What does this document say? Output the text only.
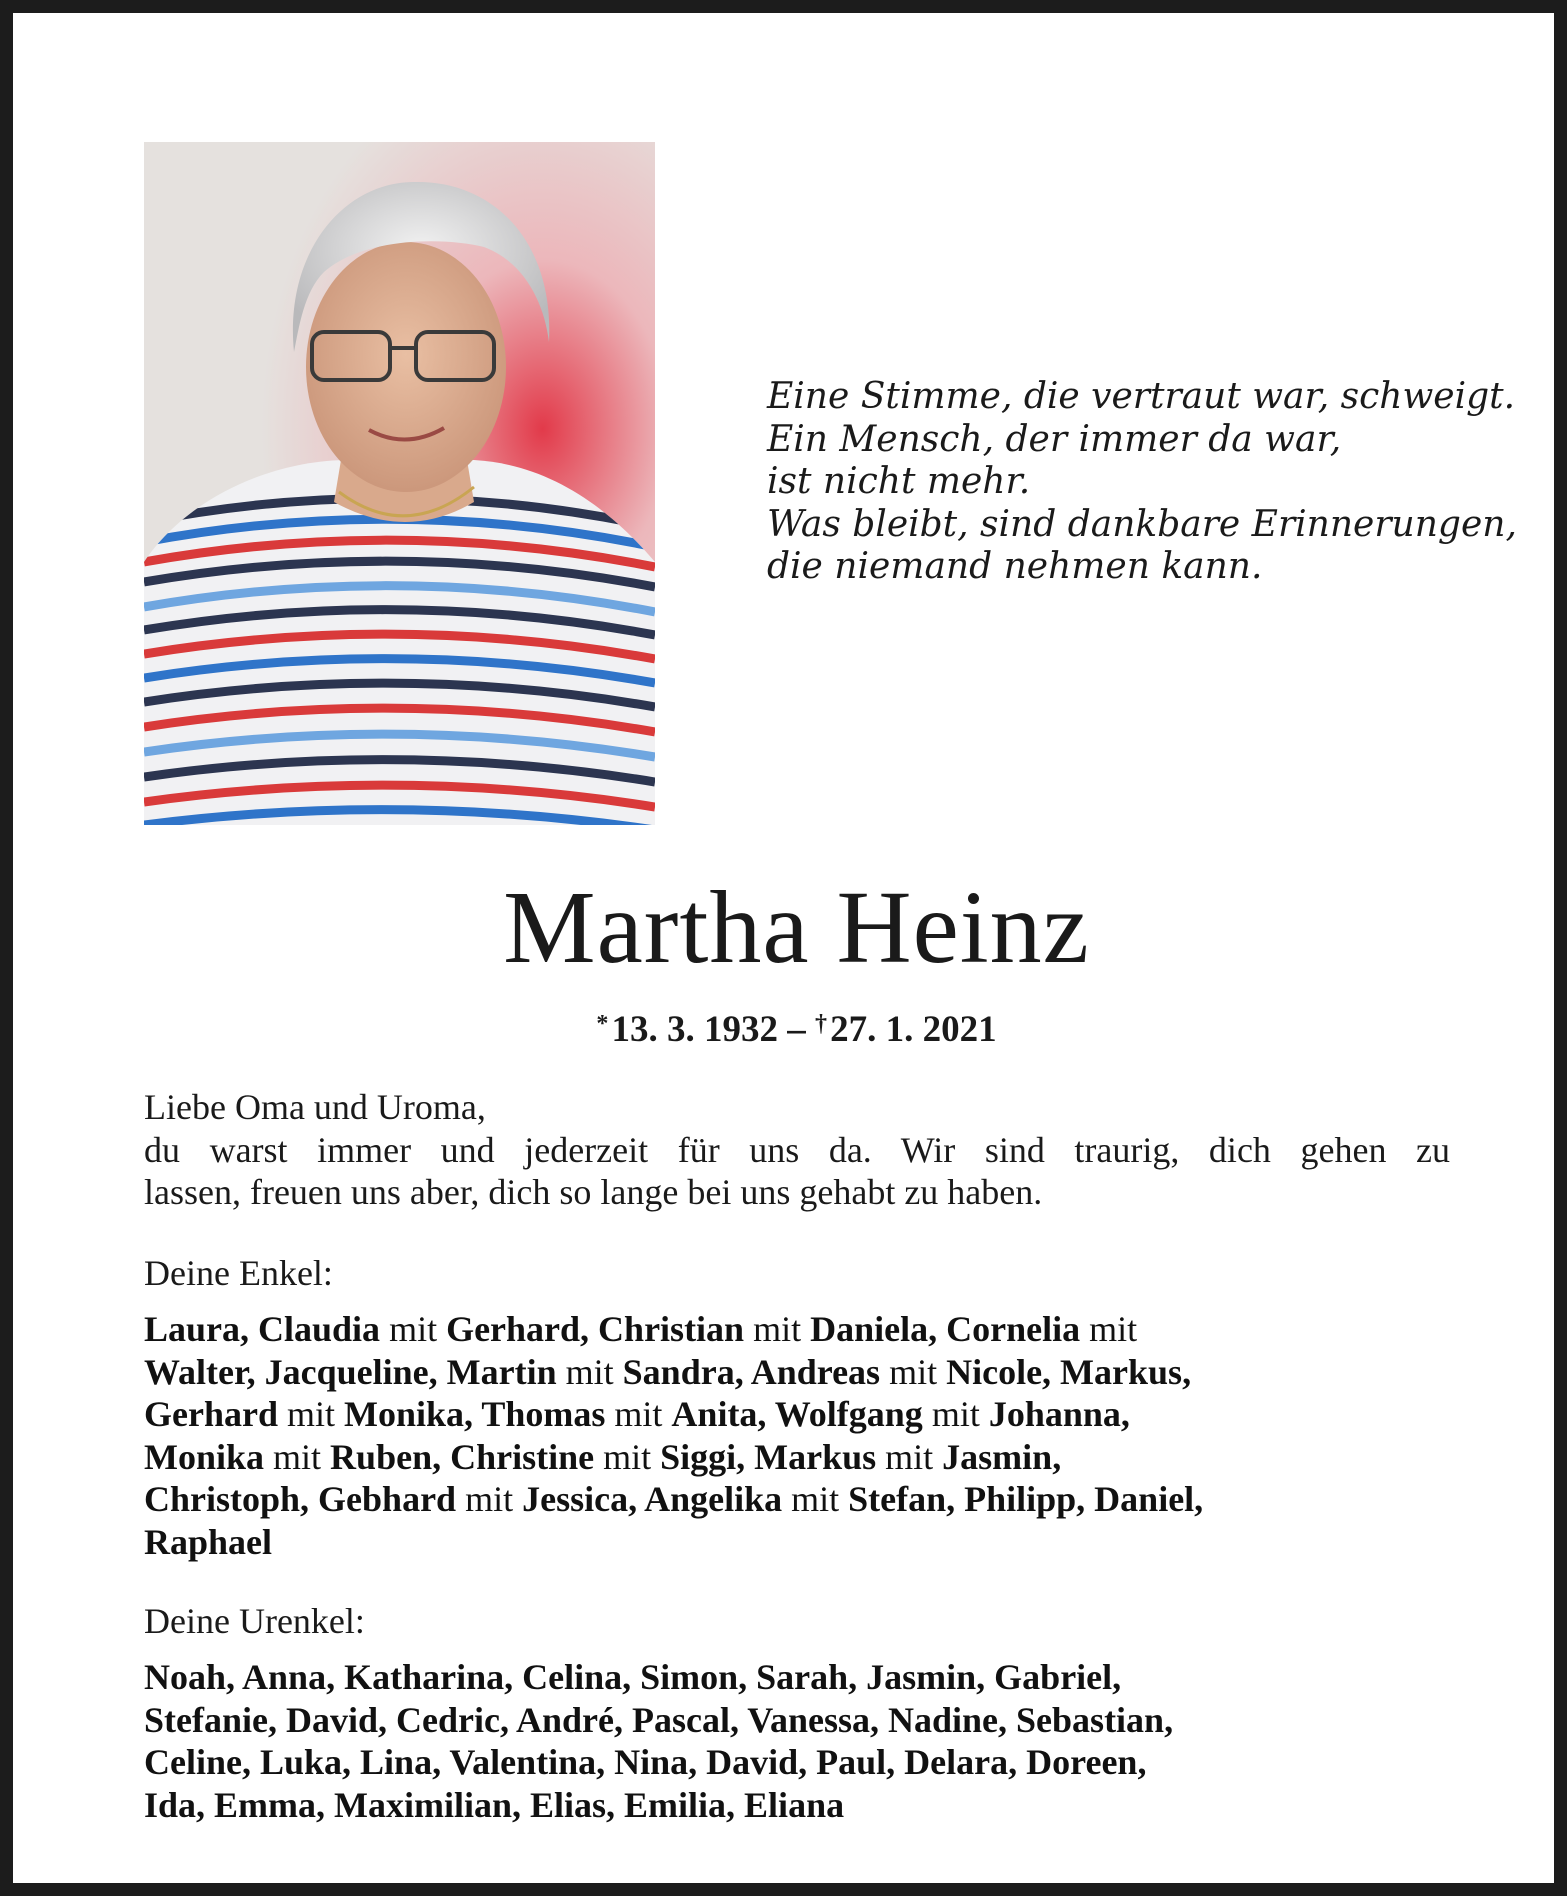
Eine Stimme, die vertraut war, schweigt.
Ein Mensch, der immer da war,
ist nicht mehr.
Was bleibt, sind dankbare Erinnerungen,
die niemand nehmen kann.
Martha Heinz
* 13. 3. 1932 – † 27. 1. 2021
Liebe Oma und Uroma,
du warst immer und jederzeit für uns da. Wir sind traurig, dich gehen zu
lassen, freuen uns aber, dich so lange bei uns gehabt zu haben.
Deine Enkel:
Laura, Claudia mit Gerhard, Christian mit Daniela, Cornelia mit
Walter, Jacqueline, Martin mit Sandra, Andreas mit Nicole, Markus,
Gerhard mit Monika, Thomas mit Anita, Wolfgang mit Johanna,
Monika mit Ruben, Christine mit Siggi, Markus mit Jasmin,
Christoph, Gebhard mit Jessica, Angelika mit Stefan, Philipp, Daniel,
Raphael
Deine Urenkel:
Noah, Anna, Katharina, Celina, Simon, Sarah, Jasmin, Gabriel,
Stefanie, David, Cedric, André, Pascal, Vanessa, Nadine, Sebastian,
Celine, Luka, Lina, Valentina, Nina, David, Paul, Delara, Doreen,
Ida, Emma, Maximilian, Elias, Emilia, Eliana
